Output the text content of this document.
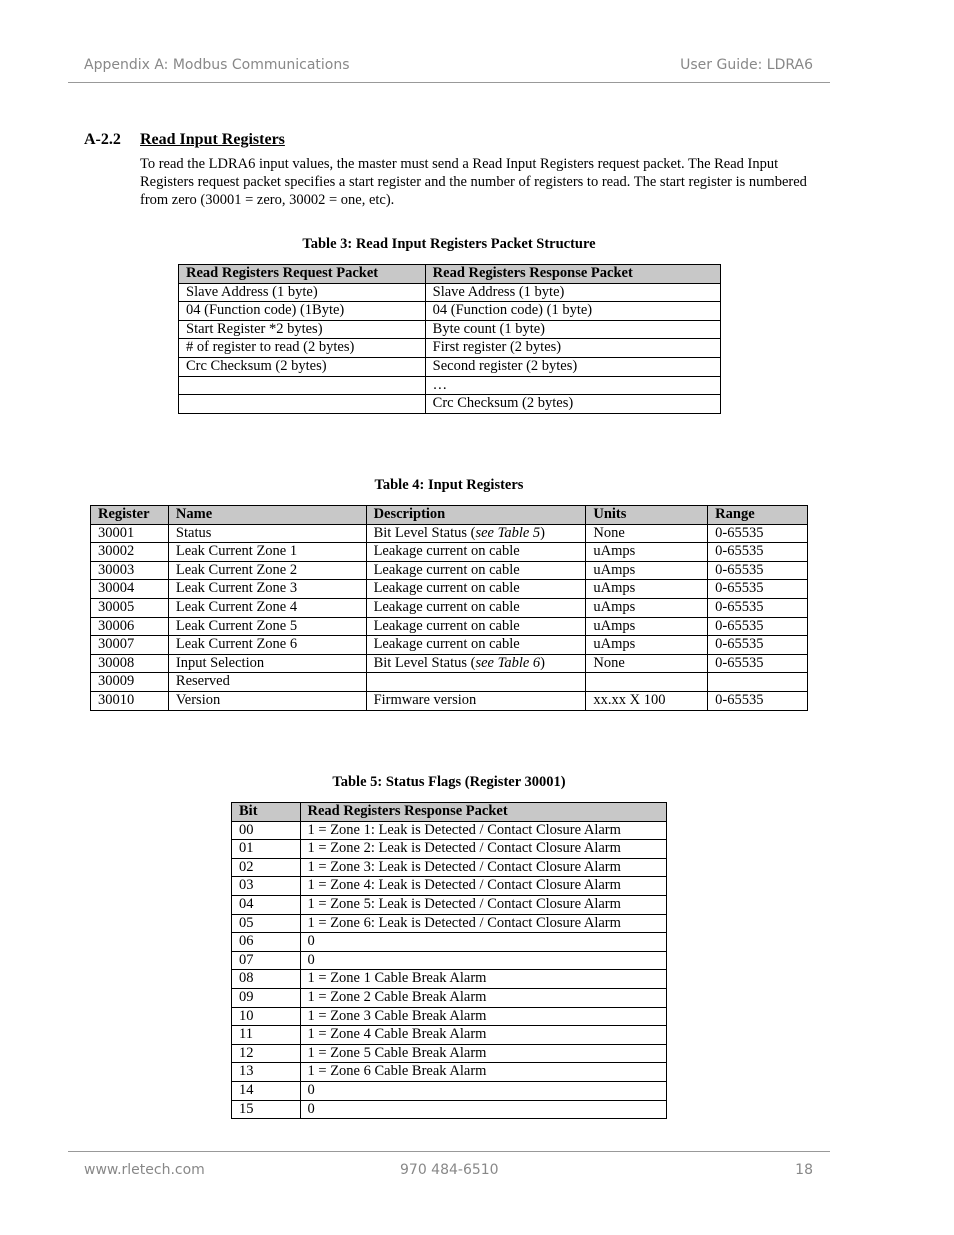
Appendix A: Modbus Communications	User Guide: LDRA6
A-2.2 Read Input Registers
To read the LDRA6 input values, the master must send a Read Input Registers request packet. The Read Input Registers request packet specifies a start register and the number of registers to read. The start register is numbered from zero (30001 = zero, 30002 = one, etc).
Table 3: Read Input Registers Packet Structure
Read Registers Request Packet	Read Registers Response Packet
Slave Address (1 byte)	Slave Address (1 byte)
04 (Function code) (1Byte)	04 (Function code) (1 byte)
Start Register *2 bytes)	Byte count (1 byte)
# of register to read (2 bytes)	First register (2 bytes)
Crc Checksum (2 bytes)	Second register (2 bytes)
	…
	Crc Checksum (2 bytes)
Table 4: Input Registers
Register	Name	Description	Units	Range
30001	Status	Bit Level Status (see Table 5)	None	0-65535
30002	Leak Current Zone 1	Leakage current on cable	uAmps	0-65535
30003	Leak Current Zone 2	Leakage current on cable	uAmps	0-65535
30004	Leak Current Zone 3	Leakage current on cable	uAmps	0-65535
30005	Leak Current Zone 4	Leakage current on cable	uAmps	0-65535
30006	Leak Current Zone 5	Leakage current on cable	uAmps	0-65535
30007	Leak Current Zone 6	Leakage current on cable	uAmps	0-65535
30008	Input Selection	Bit Level Status (see Table 6)	None	0-65535
30009	Reserved			
30010	Version	Firmware version	xx.xx X 100	0-65535
Table 5: Status Flags (Register 30001)
Bit	Read Registers Response Packet
00	1 = Zone 1: Leak is Detected / Contact Closure Alarm
01	1 = Zone 2: Leak is Detected / Contact Closure Alarm
02	1 = Zone 3: Leak is Detected / Contact Closure Alarm
03	1 = Zone 4: Leak is Detected / Contact Closure Alarm
04	1 = Zone 5: Leak is Detected / Contact Closure Alarm
05	1 = Zone 6: Leak is Detected / Contact Closure Alarm
06	0
07	0
08	1 = Zone 1 Cable Break Alarm
09	1 = Zone 2 Cable Break Alarm
10	1 = Zone 3 Cable Break Alarm
11	1 = Zone 4 Cable Break Alarm
12	1 = Zone 5 Cable Break Alarm
13	1 = Zone 6 Cable Break Alarm
14	0
15	0
www.rletech.com	970 484-6510	18
